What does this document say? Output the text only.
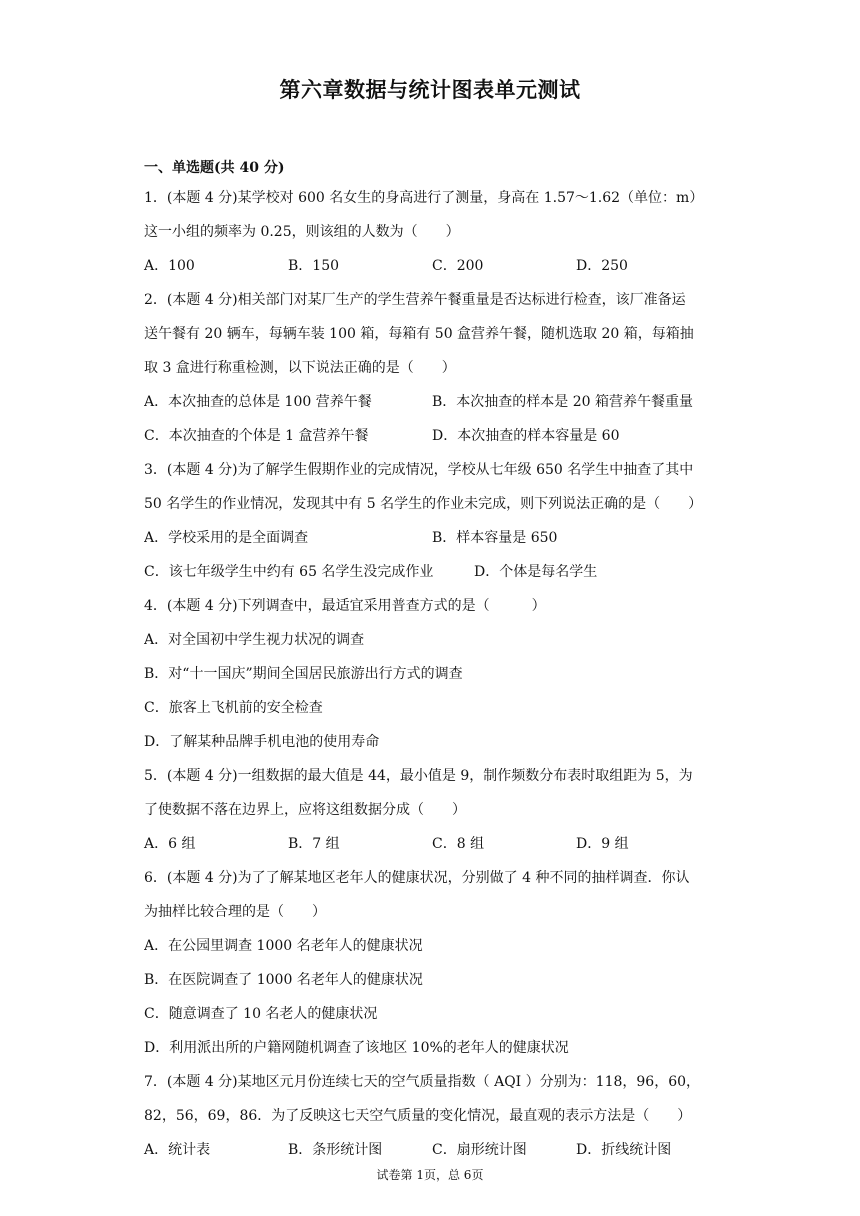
第六章数据与统计图表单元测试
一、单选题(共 40 分)
1．(本题 4 分)某学校对 600 名女生的身高进行了测量，身高在 1.57～1.62（单位：m）
这一小组的频率为 0.25，则该组的人数为（　　）
A．100	B．150	C．200	D．250
2．(本题 4 分)相关部门对某厂生产的学生营养午餐重量是否达标进行检查，该厂准备运
送午餐有 20 辆车，每辆车装 100 箱，每箱有 50 盒营养午餐，随机选取 20 箱，每箱抽
取 3 盒进行称重检测，以下说法正确的是（　　）
A．本次抽查的总体是 100 营养午餐	B．本次抽查的样本是 20 箱营养午餐重量
C．本次抽查的个体是 1 盒营养午餐	D．本次抽查的样本容量是 60
3．(本题 4 分)为了解学生假期作业的完成情况，学校从七年级 650 名学生中抽查了其中
50 名学生的作业情况，发现其中有 5 名学生的作业未完成，则下列说法正确的是（　　）
A．学校采用的是全面调查	B．样本容量是 650
C．该七年级学生中约有 65 名学生没完成作业	D．个体是每名学生
4．(本题 4 分)下列调查中，最适宜采用普查方式的是（　　　）
A．对全国初中学生视力状况的调查
B．对“十一国庆”期间全国居民旅游出行方式的调查
C．旅客上飞机前的安全检查
D．了解某种品牌手机电池的使用寿命
5．(本题 4 分)一组数据的最大值是 44，最小值是 9，制作频数分布表时取组距为 5，为
了使数据不落在边界上，应将这组数据分成（　　）
A．6 组	B．7 组	C．8 组	D．9 组
6．(本题 4 分)为了了解某地区老年人的健康状况，分别做了 4 种不同的抽样调查．你认
为抽样比较合理的是（　　）
A．在公园里调查 1000 名老年人的健康状况
B．在医院调查了 1000 名老年人的健康状况
C．随意调查了 10 名老人的健康状况
D．利用派出所的户籍网随机调查了该地区 10%的老年人的健康状况
7．(本题 4 分)某地区元月份连续七天的空气质量指数（ AQI ）分别为：118，96，60，
82，56，69，86．为了反映这七天空气质量的变化情况，最直观的表示方法是（　　）
A．统计表	B．条形统计图	C．扇形统计图	D．折线统计图
试卷第 1页，总 6页
